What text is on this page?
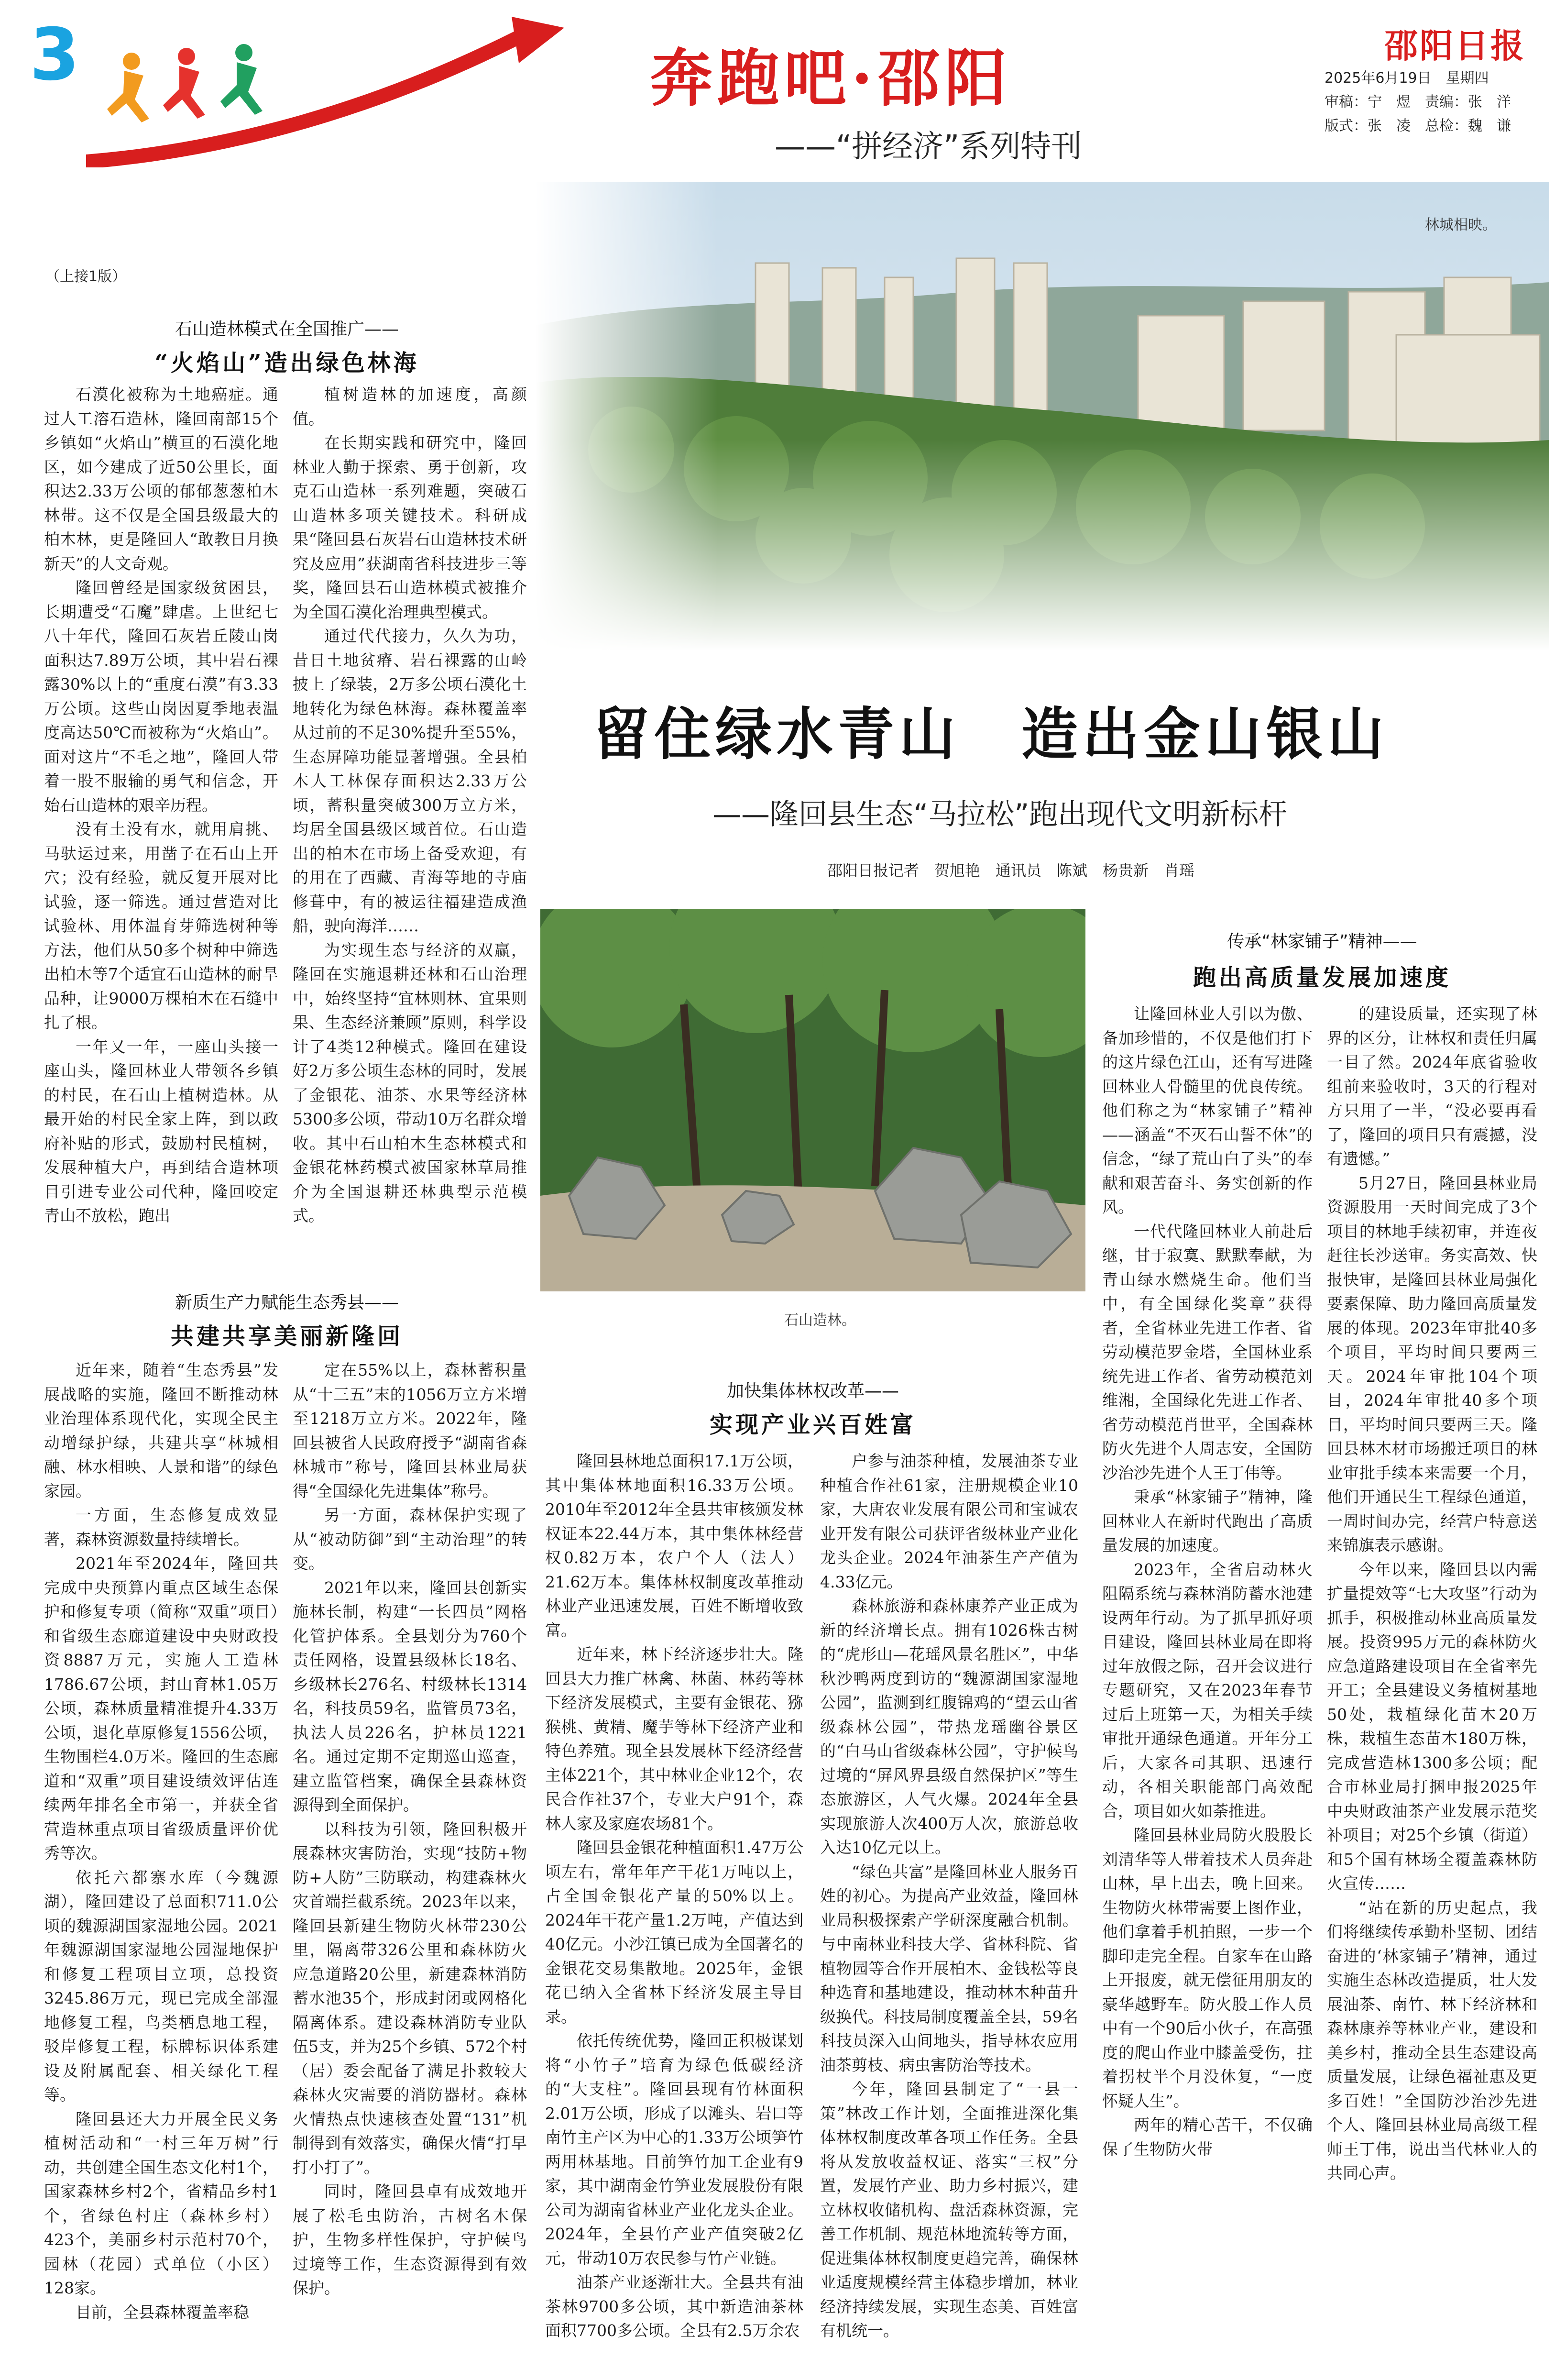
3	奔跑吧·邵阳
——“拼经济”系列特刊
邵阳日报
2025年6月19日　星期四
审稿：宁　煜　责编：张　洋
版式：张　凌　总检：魏　谦
林城相映。
留住绿水青山　造出金山银山
——隆回县生态“马拉松”跑出现代文明新标杆
邵阳日报记者　贺旭艳　通讯员　陈斌　杨贵新　肖瑶
（上接1版）
石山造林模式在全国推广——
“火焰山”造出绿色林海

石漠化被称为土地癌症。通过人工溶石造林，隆回南部15个乡镇如“火焰山”横亘的石漠化地区，如今建成了近50公里长，面积达2.33万公顷的郁郁葱葱柏木林带。这不仅是全国县级最大的柏木林，更是隆回人“敢教日月换新天”的人文奇观。

隆回曾经是国家级贫困县，长期遭受“石魔”肆虐。上世纪七八十年代，隆回石灰岩丘陵山岗面积达7.89万公顷，其中岩石裸露30%以上的“重度石漠”有3.33万公顷。这些山岗因夏季地表温度高达50℃而被称为“火焰山”。面对这片“不毛之地”，隆回人带着一股不服输的勇气和信念，开始石山造林的艰辛历程。

没有土没有水，就用肩挑、马驮运过来，用凿子在石山上开穴；没有经验，就反复开展对比试验，逐一筛选。通过营造对比试验林、用体温育芽筛选树种等方法，他们从50多个树种中筛选出柏木等7个适宜石山造林的耐旱品种，让9000万棵柏木在石缝中扎了根。

一年又一年，一座山头接一座山头，隆回林业人带领各乡镇的村民，在石山上植树造林。从最开始的村民全家上阵，到以政府补贴的形式，鼓励村民植树，发展种植大户，再到结合造林项目引进专业公司代种，隆回咬定青山不放松，跑出

植树造林的加速度，高颜值。

在长期实践和研究中，隆回林业人勤于探索、勇于创新，攻克石山造林一系列难题，突破石山造林多项关键技术。科研成果“隆回县石灰岩石山造林技术研究及应用”获湖南省科技进步三等奖，隆回县石山造林模式被推介为全国石漠化治理典型模式。

通过代代接力，久久为功，昔日土地贫瘠、岩石裸露的山岭披上了绿装，2万多公顷石漠化土地转化为绿色林海。森林覆盖率从过前的不足30%提升至55%，生态屏障功能显著增强。全县柏木人工林保存面积达2.33万公顷，蓄积量突破300万立方米，均居全国县级区域首位。石山造出的柏木在市场上备受欢迎，有的用在了西藏、青海等地的寺庙修葺中，有的被运往福建造成渔船，驶向海洋……

为实现生态与经济的双赢，隆回在实施退耕还林和石山治理中，始终坚持“宜林则林、宜果则果、生态经济兼顾”原则，科学设计了4类12种模式。隆回在建设好2万多公顷生态林的同时，发展了金银花、油茶、水果等经济林5300多公顷，带动10万名群众增收。其中石山柏木生态林模式和金银花林药模式被国家林草局推介为全国退耕还林典型示范模式。

新质生产力赋能生态秀县——
共建共享美丽新隆回

近年来，随着“生态秀县”发展战略的实施，隆回不断推动林业治理体系现代化，实现全民主动增绿护绿，共建共享“林城相融、林水相映、人景和谐”的绿色家园。

一方面，生态修复成效显著，森林资源数量持续增长。

2021年至2024年，隆回共完成中央预算内重点区域生态保护和修复专项（简称“双重”项目）和省级生态廊道建设中央财政投资8887万元，实施人工造林1786.67公顷，封山育林1.05万公顷，森林质量精准提升4.33万公顷，退化草原修复1556公顷，生物围栏4.0万米。隆回的生态廊道和“双重”项目建设绩效评估连续两年排名全市第一，并获全省营造林重点项目省级质量评价优秀等次。

依托六都寨水库（今魏源湖），隆回建设了总面积711.0公顷的魏源湖国家湿地公园。2021年魏源湖国家湿地公园湿地保护和修复工程项目立项，总投资3245.86万元，现已完成全部湿地修复工程，鸟类栖息地工程，驳岸修复工程，标牌标识体系建设及附属配套、相关绿化工程等。

隆回县还大力开展全民义务植树活动和“一村三年万树”行动，共创建全国生态文化村1个，国家森林乡村2个，省精品乡村1个，省绿色村庄（森林乡村）423个，美丽乡村示范村70个，园林（花园）式单位（小区）128家。

目前，全县森林覆盖率稳

定在55%以上，森林蓄积量从“十三五”末的1056万立方米增至1218万立方米。2022年，隆回县被省人民政府授予“湖南省森林城市”称号，隆回县林业局获得“全国绿化先进集体”称号。

另一方面，森林保护实现了从“被动防御”到“主动治理”的转变。

2021年以来，隆回县创新实施林长制，构建“一长四员”网格化管护体系。全县划分为760个责任网格，设置县级林长18名、乡级林长276名、村级林长1314名，科技员59名，监管员73名，执法人员226名，护林员1221名。通过定期不定期巡山巡查，建立监管档案，确保全县森林资源得到全面保护。

以科技为引领，隆回积极开展森林灾害防治，实现“技防+物防+人防”三防联动，构建森林火灾首端拦截系统。2023年以来，隆回县新建生物防火林带230公里，隔离带326公里和森林防火应急道路20公里，新建森林消防蓄水池35个，形成封闭或网格化隔离体系。建设森林消防专业队伍5支，并为25个乡镇、572个村（居）委会配备了满足扑救较大森林火灾需要的消防器材。森林火情热点快速核查处置“131”机制得到有效落实，确保火情“打早打小打了”。

同时，隆回县卓有成效地开展了松毛虫防治，古树名木保护，生物多样性保护，守护候鸟过境等工作，生态资源得到有效保护。

石山造林。
加快集体林权改革——
实现产业兴百姓富

隆回县林地总面积17.1万公顷，其中集体林地面积16.33万公顷。2010年至2012年全县共审核颁发林权证本22.44万本，其中集体林经营权0.82万本，农户个人（法人）21.62万本。集体林权制度改革推动林业产业迅速发展，百姓不断增收致富。

近年来，林下经济逐步壮大。隆回县大力推广林禽、林菌、林药等林下经济发展模式，主要有金银花、猕猴桃、黄精、魔芋等林下经济产业和特色养殖。现全县发展林下经济经营主体221个，其中林业企业12个，农民合作社37个，专业大户91个，森林人家及家庭农场81个。

隆回县金银花种植面积1.47万公顷左右，常年年产干花1万吨以上，占全国金银花产量的50%以上。2024年干花产量1.2万吨，产值达到40亿元。小沙江镇已成为全国著名的金银花交易集散地。2025年，金银花已纳入全省林下经济发展主导目录。

依托传统优势，隆回正积极谋划将“小竹子”培育为绿色低碳经济的“大支柱”。隆回县现有竹林面积2.01万公顷，形成了以滩头、岩口等南竹主产区为中心的1.33万公顷笋竹两用林基地。目前笋竹加工企业有9家，其中湖南金竹笋业发展股份有限公司为湖南省林业产业化龙头企业。2024年，全县竹产业产值突破2亿元，带动10万农民参与竹产业链。

油茶产业逐渐壮大。全县共有油茶林9700多公顷，其中新造油茶林面积7700多公顷。全县有2.5万余农

户参与油茶种植，发展油茶专业种植合作社61家，注册规模企业10家，大唐农业发展有限公司和宝诚农业开发有限公司获评省级林业产业化龙头企业。2024年油茶生产产值为4.33亿元。

森林旅游和森林康养产业正成为新的经济增长点。拥有1026株古树的“虎形山—花瑶风景名胜区”，中华秋沙鸭两度到访的“魏源湖国家湿地公园”，监测到红腹锦鸡的“望云山省级森林公园”，带热龙瑶幽谷景区的“白马山省级森林公园”，守护候鸟过境的“屏风界县级自然保护区”等生态旅游区，人气火爆。2024年全县实现旅游人次400万人次，旅游总收入达10亿元以上。

“绿色共富”是隆回林业人服务百姓的初心。为提高产业效益，隆回林业局积极探索产学研深度融合机制。与中南林业科技大学、省林科院、省植物园等合作开展柏木、金钱松等良种选育和基地建设，推动林木种苗升级换代。科技局制度覆盖全县，59名科技员深入山间地头，指导林农应用油茶剪枝、病虫害防治等技术。

今年，隆回县制定了“一县一策”林改工作计划，全面推进深化集体林权制度改革各项工作任务。全县将从发放收益权证、落实“三权”分置，发展竹产业、助力乡村振兴，建立林权收储机构、盘活森林资源，完善工作机制、规范林地流转等方面，促进集体林权制度更趋完善，确保林业适度规模经营主体稳步增加，林业经济持续发展，实现生态美、百姓富有机统一。

传承“林家铺子”精神——
跑出高质量发展加速度

让隆回林业人引以为傲、备加珍惜的，不仅是他们打下的这片绿色江山，还有写进隆回林业人骨髓里的优良传统。他们称之为“林家铺子”精神——涵盖“不灭石山誓不休”的信念，“绿了荒山白了头”的奉献和艰苦奋斗、务实创新的作风。

一代代隆回林业人前赴后继，甘于寂寞、默默奉献，为青山绿水燃烧生命。他们当中，有全国绿化奖章”获得者，全省林业先进工作者、省劳动模范罗金塔，全国林业系统先进工作者、省劳动模范刘维湘，全国绿化先进工作者、省劳动模范肖世平，全国森林防火先进个人周志安，全国防沙治沙先进个人王丁伟等。

秉承“林家铺子”精神，隆回林业人在新时代跑出了高质量发展的加速度。

2023年，全省启动林火阻隔系统与森林消防蓄水池建设两年行动。为了抓早抓好项目建设，隆回县林业局在即将过年放假之际，召开会议进行专题研究，又在2023年春节过后上班第一天，为相关手续审批开通绿色通道。开年分工后，大家各司其职、迅速行动，各相关职能部门高效配合，项目如火如荼推进。

隆回县林业局防火股股长刘清华等人带着技术人员奔赴山林，早上出去，晚上回来。生物防火林带需要上图作业，他们拿着手机拍照，一步一个脚印走完全程。自家车在山路上开报废，就无偿征用朋友的豪华越野车。防火股工作人员中有一个90后小伙子，在高强度的爬山作业中膝盖受伤，拄着拐杖半个月没休复，“一度怀疑人生”。

两年的精心苦干，不仅确保了生物防火带

的建设质量，还实现了林界的区分，让林权和责任归属一目了然。2024年底省验收组前来验收时，3天的行程对方只用了一半，“没必要再看了，隆回的项目只有震撼，没有遗憾。”

5月27日，隆回县林业局资源股用一天时间完成了3个项目的林地手续初审，并连夜赶往长沙送审。务实高效、快报快审，是隆回县林业局强化要素保障、助力隆回高质量发展的体现。2023年审批40多个项目，平均时间只要两三天。2024年审批104个项目，2024年审批40多个项目，平均时间只要两三天。隆回县林木材市场搬迁项目的林业审批手续本来需要一个月，他们开通民生工程绿色通道，一周时间办完，经营户特意送来锦旗表示感谢。

今年以来，隆回县以内需扩量提效等“七大攻坚”行动为抓手，积极推动林业高质量发展。投资995万元的森林防火应急道路建设项目在全省率先开工；全县建设义务植树基地50处，栽植绿化苗木20万株，栽植生态苗木180万株，完成营造林1300多公顷；配合市林业局打捆申报2025年中央财政油茶产业发展示范奖补项目；对25个乡镇（街道）和5个国有林场全覆盖森林防火宣传……

“站在新的历史起点，我们将继续传承勤朴坚韧、团结奋进的‘林家铺子’精神，通过实施生态林改造提质，壮大发展油茶、南竹、林下经济林和森林康养等林业产业，建设和美乡村，推动全县生态建设高质量发展，让绿色福祉惠及更多百姓！”全国防沙治沙先进个人、隆回县林业局高级工程师王丁伟，说出当代林业人的共同心声。
